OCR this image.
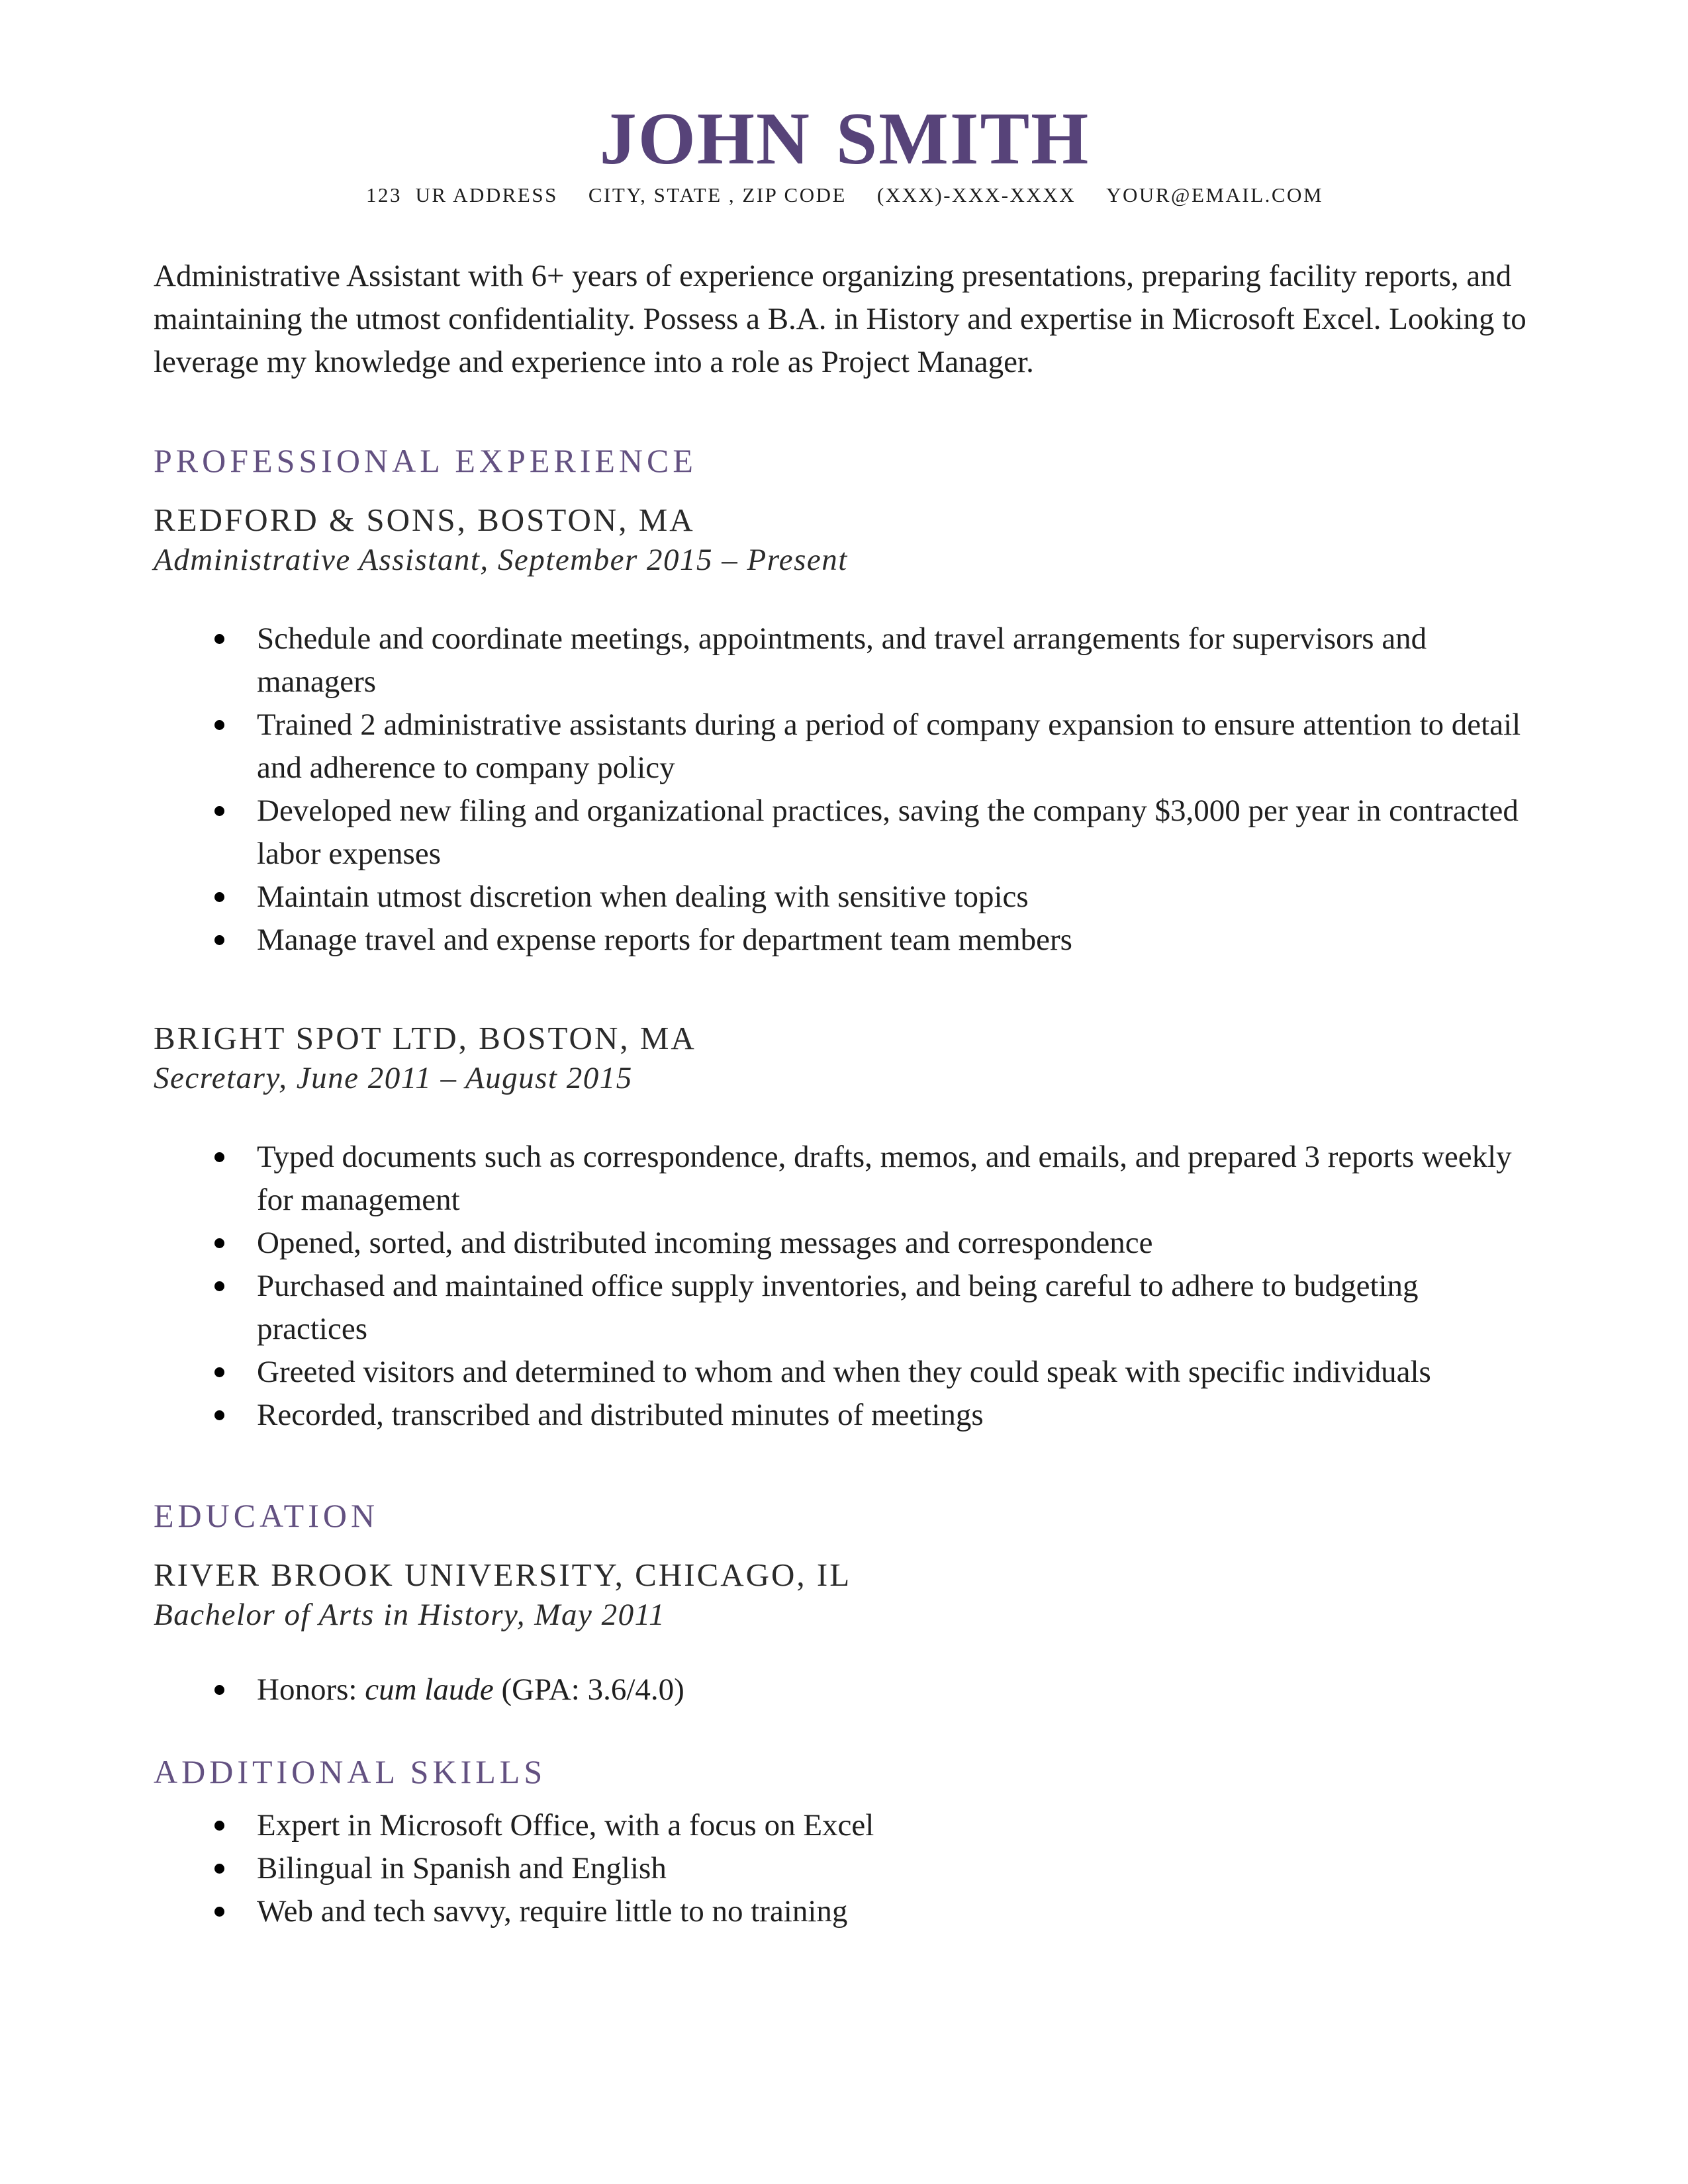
JOHN SMITH
123  UR ADDRESS CITY, STATE , ZIP CODE (XXX)-XXX-XXXX YOUR@EMAIL.COM

Administrative Assistant with 6+ years of experience organizing presentations, preparing facility reports, and maintaining the utmost confidentiality. Possess a B.A. in History and expertise in Microsoft Excel. Looking to leverage my knowledge and experience into a role as Project Manager.

PROFESSIONAL EXPERIENCE
REDFORD & SONS, BOSTON, MA
Administrative Assistant, September 2015 – Present
Schedule and coordinate meetings, appointments, and travel arrangements for supervisors and managers
Trained 2 administrative assistants during a period of company expansion to ensure attention to detail and adherence to company policy
Developed new filing and organizational practices, saving the company $3,000 per year in contracted labor expenses
Maintain utmost discretion when dealing with sensitive topics
Manage travel and expense reports for department team members
BRIGHT SPOT LTD, BOSTON, MA
Secretary, June 2011 – August 2015
Typed documents such as correspondence, drafts, memos, and emails, and prepared 3 reports weekly for management
Opened, sorted, and distributed incoming messages and correspondence
Purchased and maintained office supply inventories, and being careful to adhere to budgeting practices
Greeted visitors and determined to whom and when they could speak with specific individuals
Recorded, transcribed and distributed minutes of meetings
EDUCATION
RIVER BROOK UNIVERSITY, CHICAGO, IL
Bachelor of Arts in History, May 2011
Honors: cum laude (GPA: 3.6/4.0)
ADDITIONAL SKILLS
Expert in Microsoft Office, with a focus on Excel
Bilingual in Spanish and English
Web and tech savvy, require little to no training
